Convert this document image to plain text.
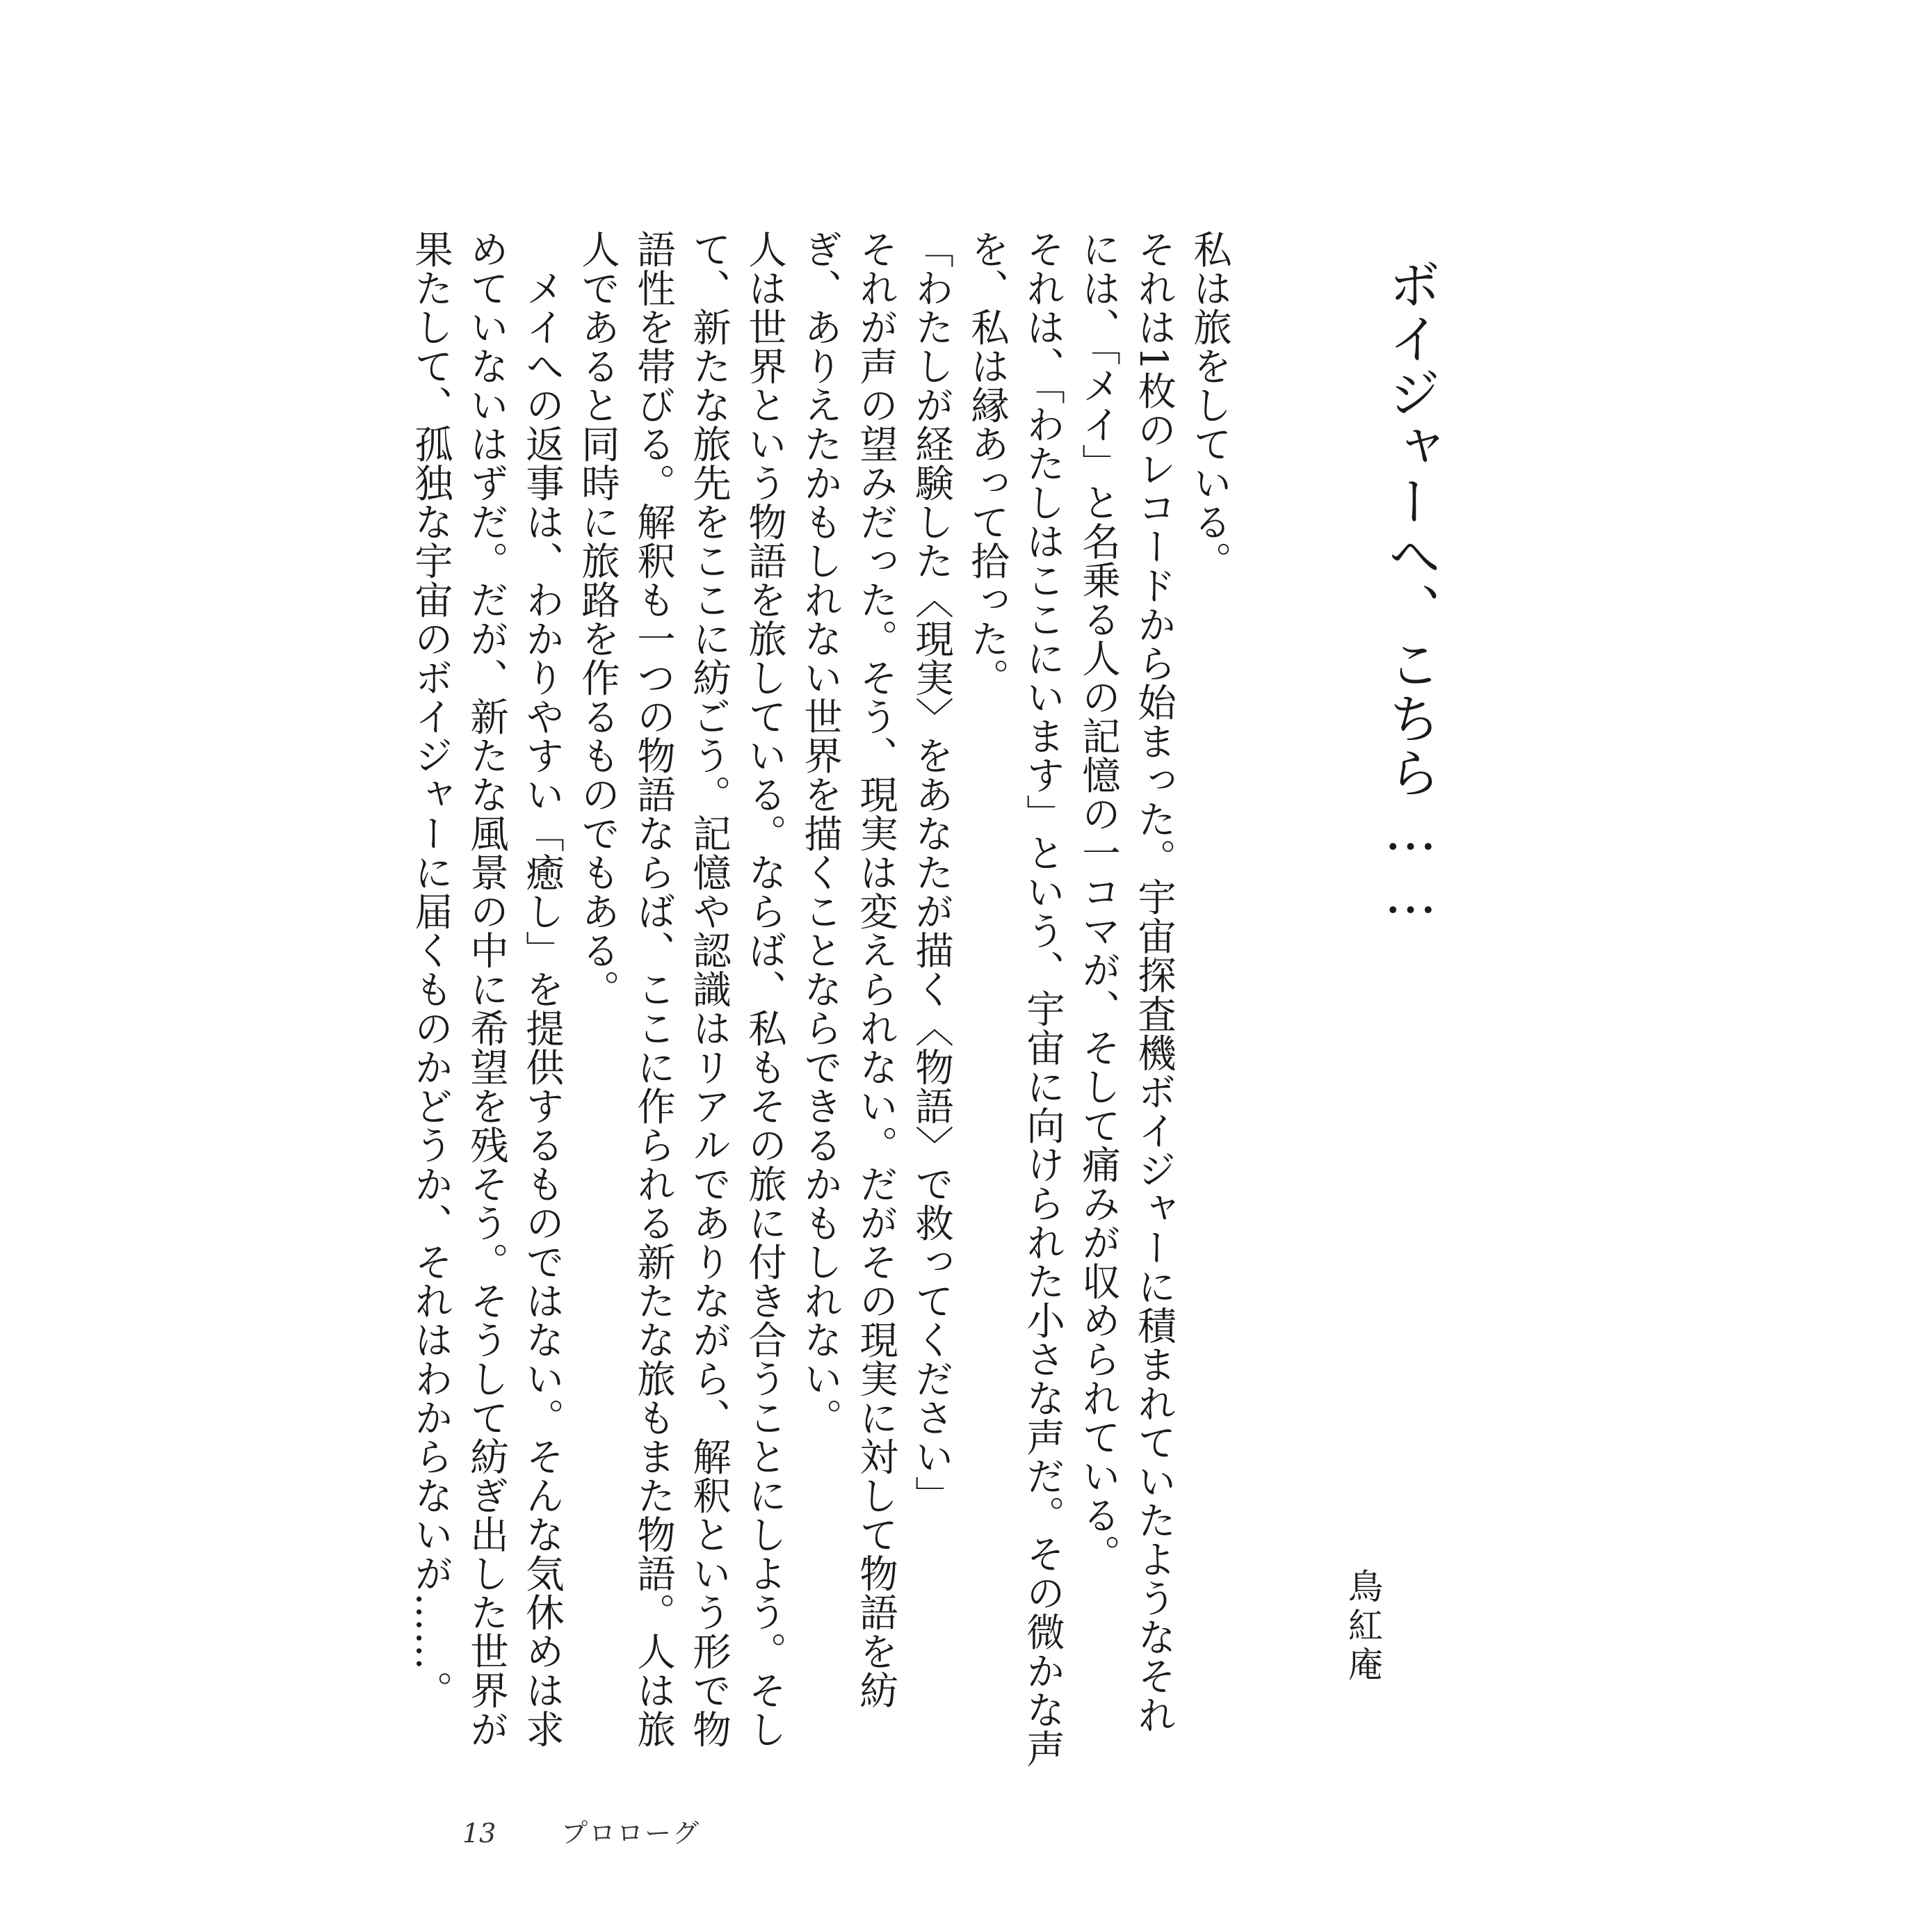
ボイジャーへ、こちら……
鳥紅庵

私は旅をしている。

それは1枚のレコードから始まった。宇宙探査機ボイジャーに積まれていたようなそれには、「メイ」と名乗る人の記憶の一コマが、そして痛みが収められている。

それは、「わたしはここにいます」という、宇宙に向けられた小さな声だ。その微かな声を、私は縁あって拾った。

「わたしが経験した〈現実〉をあなたが描く〈物語〉で救ってください」

それが声の望みだった。そう、現実は変えられない。だがその現実に対して物語を紡ぎ、ありえたかもしれない世界を描くことならできるかもしれない。

人は世界という物語を旅している。ならば、私もその旅に付き合うことにしよう。そして、新たな旅先をここに紡ごう。記憶や認識はリアルでありながら、解釈という形で物語性を帯びる。解釈も一つの物語ならば、ここに作られる新たな旅もまた物語。人は旅人であると同時に旅路を作るものでもある。

　メイへの返事は、わかりやすい「癒し」を提供するものではない。そんな気休めは求めていないはずだ。だが、新たな風景の中に希望を残そう。そうして紡ぎ出した世界が果たして、孤独な宇宙のボイジャーに届くものかどうか、それはわからないが……。

13 プロローグ
